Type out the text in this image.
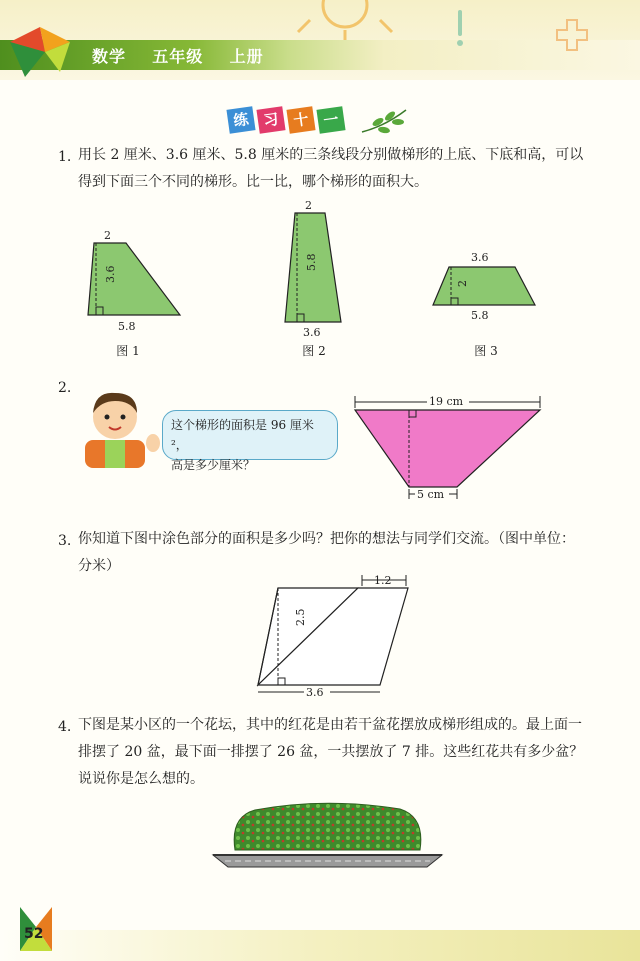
数学    五年级    上册
练 习 十 一
1. 用长 2 厘米、3.6 厘米、5.8 厘米的三条线段分别做梯形的上底、下底和高，可以得到下面三个不同的梯形。比一比，哪个梯形的面积大。
2
5.8
3.6
图 1
2
3.6
5.8
图 2
3.6
5.8
2
图 3
2.
这个梯形的面积是 96 厘米²，
高是多少厘米？
19 cm
5 cm
3. 你知道下图中涂色部分的面积是多少吗？把你的想法与同学们交流。（图中单位：分米）
1.2
3.6
2.5
4. 下图是某小区的一个花坛，其中的红花是由若干盆花摆放成梯形组成的。最上面一排摆了 20 盆，最下面一排摆了 26 盆，一共摆放了 7 排。这些红花共有多少盆？说说你是怎么想的。
52
